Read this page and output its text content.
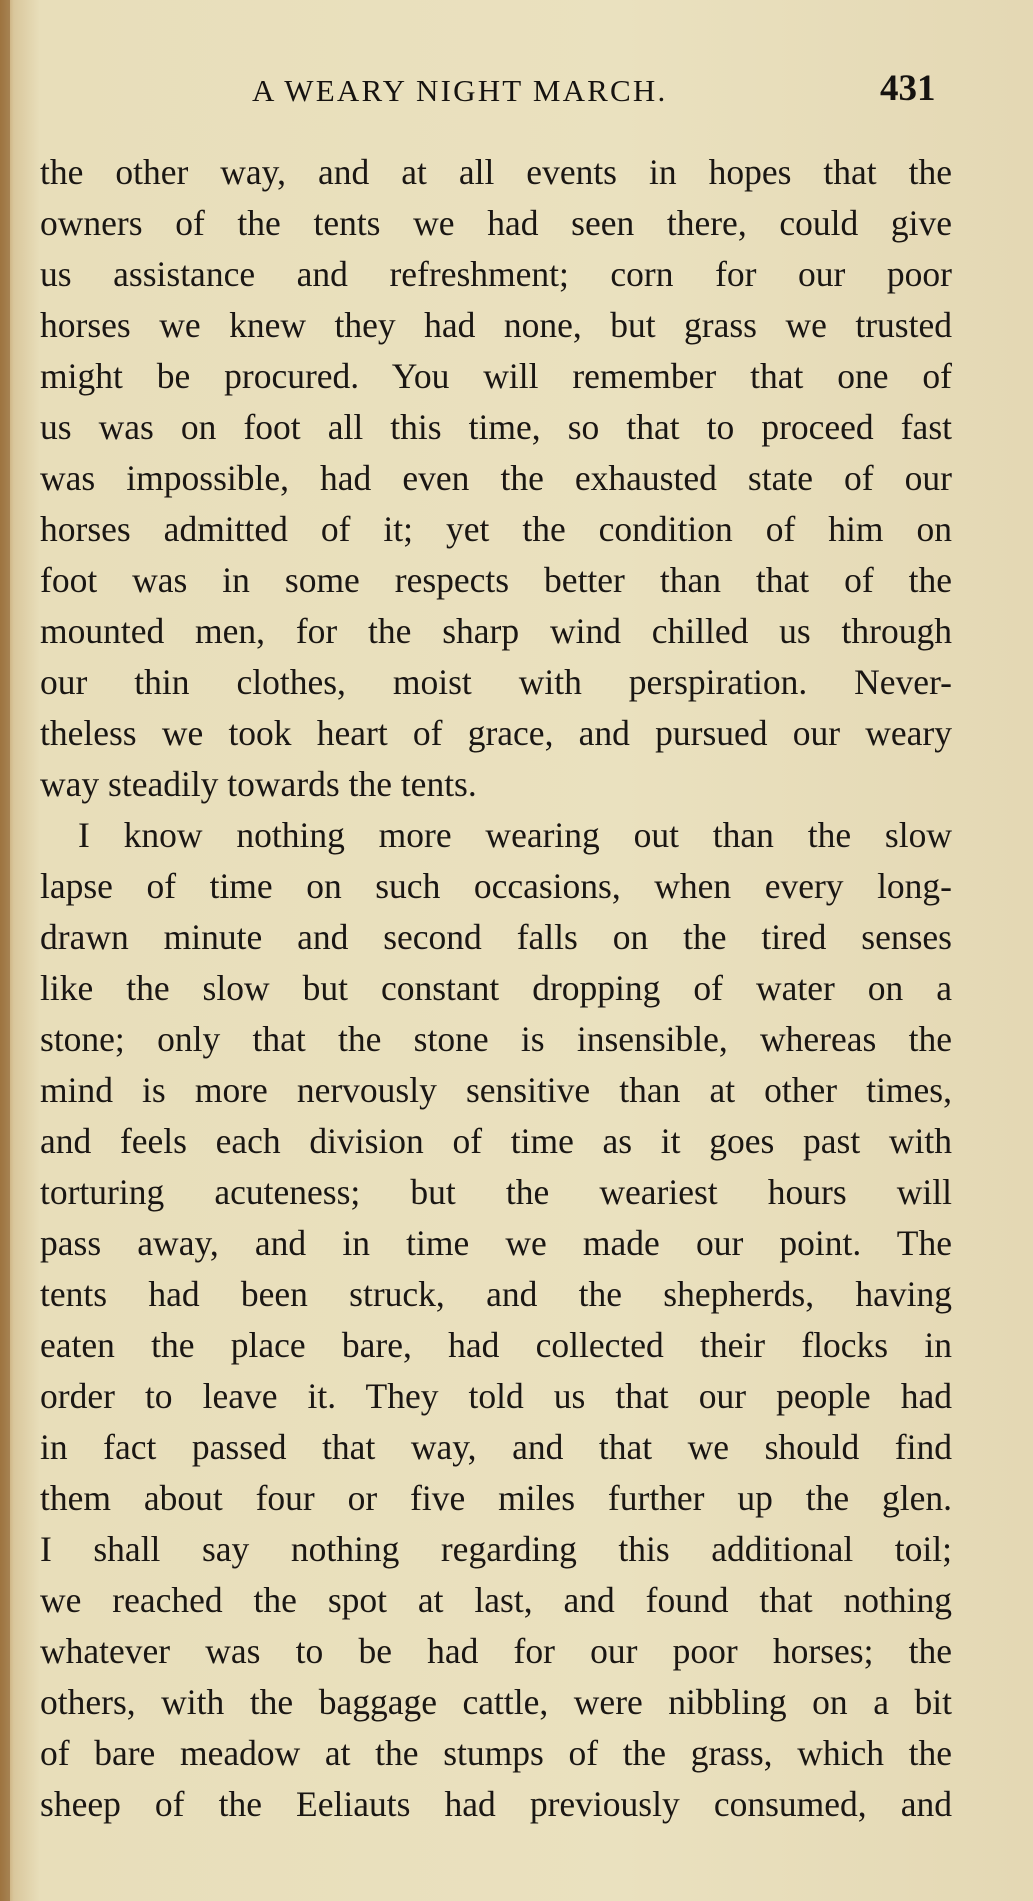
A WEARY NIGHT MARCH.	431
the other way, and at all events in hopes that the
owners of the tents we had seen there, could give
us assistance and refreshment; corn for our poor
horses we knew they had none, but grass we trusted
might be procured. You will remember that one of
us was on foot all this time, so that to proceed fast
was impossible, had even the exhausted state of our
horses admitted of it; yet the condition of him on
foot was in some respects better than that of the
mounted men, for the sharp wind chilled us through
our thin clothes, moist with perspiration. Never-
theless we took heart of grace, and pursued our weary
way steadily towards the tents.
I know nothing more wearing out than the slow
lapse of time on such occasions, when every long-
drawn minute and second falls on the tired senses
like the slow but constant dropping of water on a
stone; only that the stone is insensible, whereas the
mind is more nervously sensitive than at other times,
and feels each division of time as it goes past with
torturing acuteness; but the weariest hours will
pass away, and in time we made our point. The
tents had been struck, and the shepherds, having
eaten the place bare, had collected their flocks in
order to leave it. They told us that our people had
in fact passed that way, and that we should find
them about four or five miles further up the glen.
I shall say nothing regarding this additional toil;
we reached the spot at last, and found that nothing
whatever was to be had for our poor horses; the
others, with the baggage cattle, were nibbling on a bit
of bare meadow at the stumps of the grass, which the
sheep of the Eeliauts had previously consumed, and
